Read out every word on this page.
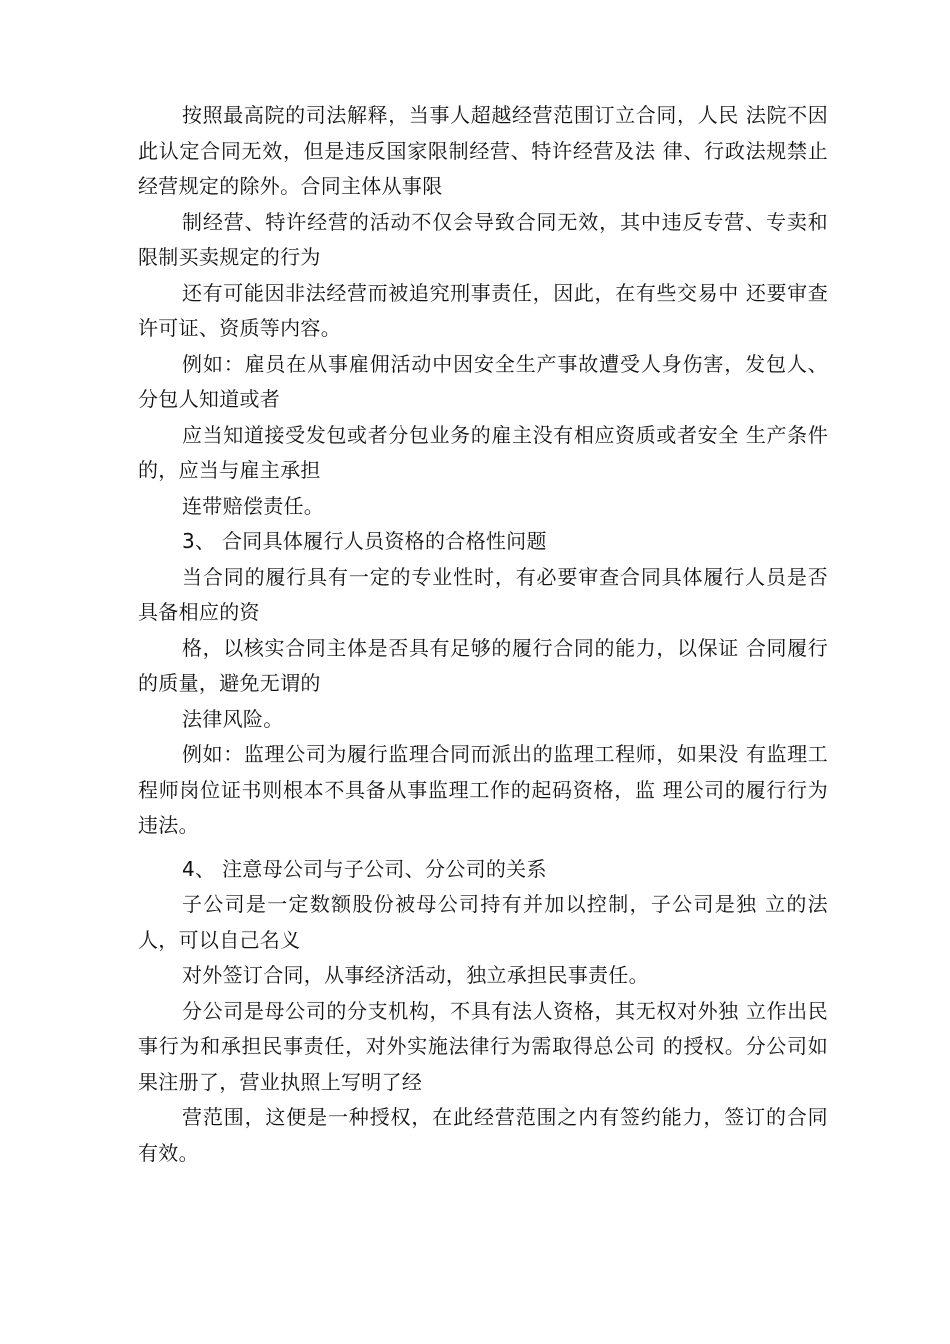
按照最高院的司法解释，当事人超越经营范围订立合同，人民 法院不因此认定合同无效，但是违反国家限制经营、特许经营及法 律、行政法规禁止经营规定的除外。合同主体从事限

制经营、特许经营的活动不仅会导致合同无效，其中违反专营、专卖和限制买卖规定的行为

还有可能因非法经营而被追究刑事责任，因此，在有些交易中 还要审查许可证、资质等内容。

例如：雇员在从事雇佣活动中因安全生产事故遭受人身伤害，发包人、分包人知道或者

应当知道接受发包或者分包业务的雇主没有相应资质或者安全 生产条件的，应当与雇主承担

连带赔偿责任。

3、 合同具体履行人员资格的合格性问题

当合同的履行具有一定的专业性时，有必要审查合同具体履行人员是否具备相应的资

格，以核实合同主体是否具有足够的履行合同的能力，以保证 合同履行的质量，避免无谓的

法律风险。

例如：监理公司为履行监理合同而派出的监理工程师，如果没 有监理工程师岗位证书则根本不具备从事监理工作的起码资格，监 理公司的履行行为违法。

4、 注意母公司与子公司、分公司的关系

子公司是一定数额股份被母公司持有并加以控制，子公司是独 立的法人，可以自己名义

对外签订合同，从事经济活动，独立承担民事责任。

分公司是母公司的分支机构，不具有法人资格，其无权对外独 立作出民事行为和承担民事责任，对外实施法律行为需取得总公司 的授权。分公司如果注册了，营业执照上写明了经

营范围，这便是一种授权，在此经营范围之内有签约能力，签订的合同有效。
